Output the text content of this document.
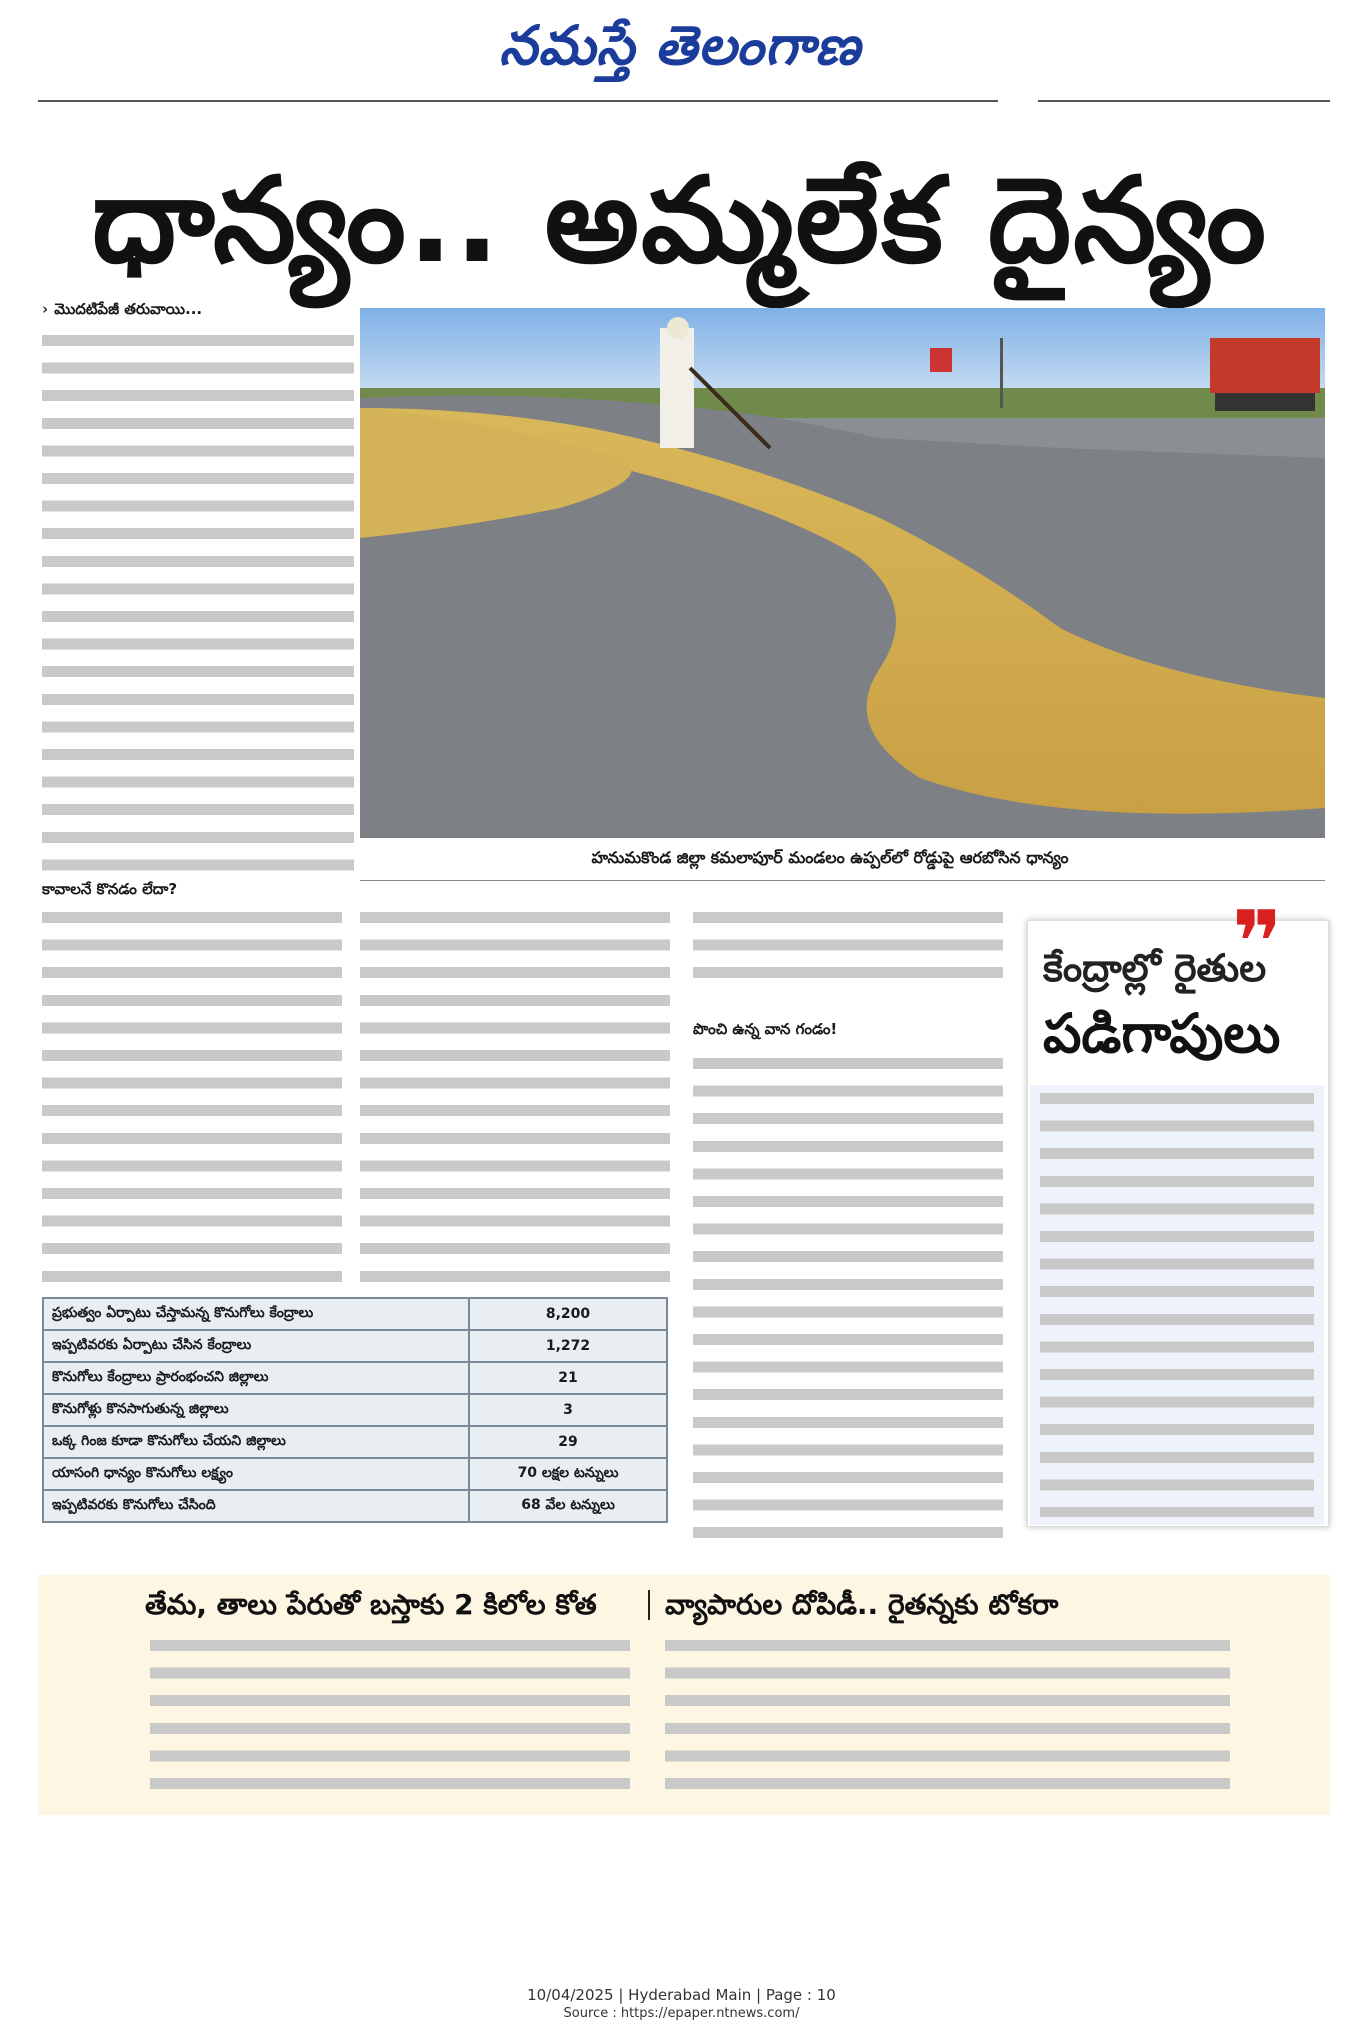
నమస్తే తెలంగాణ
ధాన్యం.. అమ్మలేక దైన్యం
› మొదటిపేజీ తరువాయి...
హనుమకొండ జిల్లా కమలాపూర్ మండలం ఉప్పల్‌లో రోడ్డుపై ఆరబోసిన ధాన్యం
కావాలనే కొనడం లేదా?
పొంచి ఉన్న వాన గండం!
ప్రభుత్వం ఏర్పాటు చేస్తామన్న కొనుగోలు కేంద్రాలు	8,200
ఇప్పటివరకు ఏర్పాటు చేసిన కేంద్రాలు	1,272
కొనుగోలు కేంద్రాలు ప్రారంభంచని జిల్లాలు	21
కొనుగోళ్లు కొనసాగుతున్న జిల్లాలు	3
ఒక్క గింజ కూడా కొనుగోలు చేయని జిల్లాలు	29
యాసంగి ధాన్యం కొనుగోలు లక్ష్యం	70 లక్షల టన్నులు
ఇప్పటివరకు కొనుగోలు చేసింది	68 వేల టన్నులు
❞
కేంద్రాల్లో రైతుల
పడిగాపులు
తేమ, తాలు పేరుతో బస్తాకు 2 కిలోల కోత వ్యాపారుల దోపిడీ.. రైతన్నకు టోకరా
10/04/2025 | Hyderabad Main | Page : 10
Source : https://epaper.ntnews.com/
